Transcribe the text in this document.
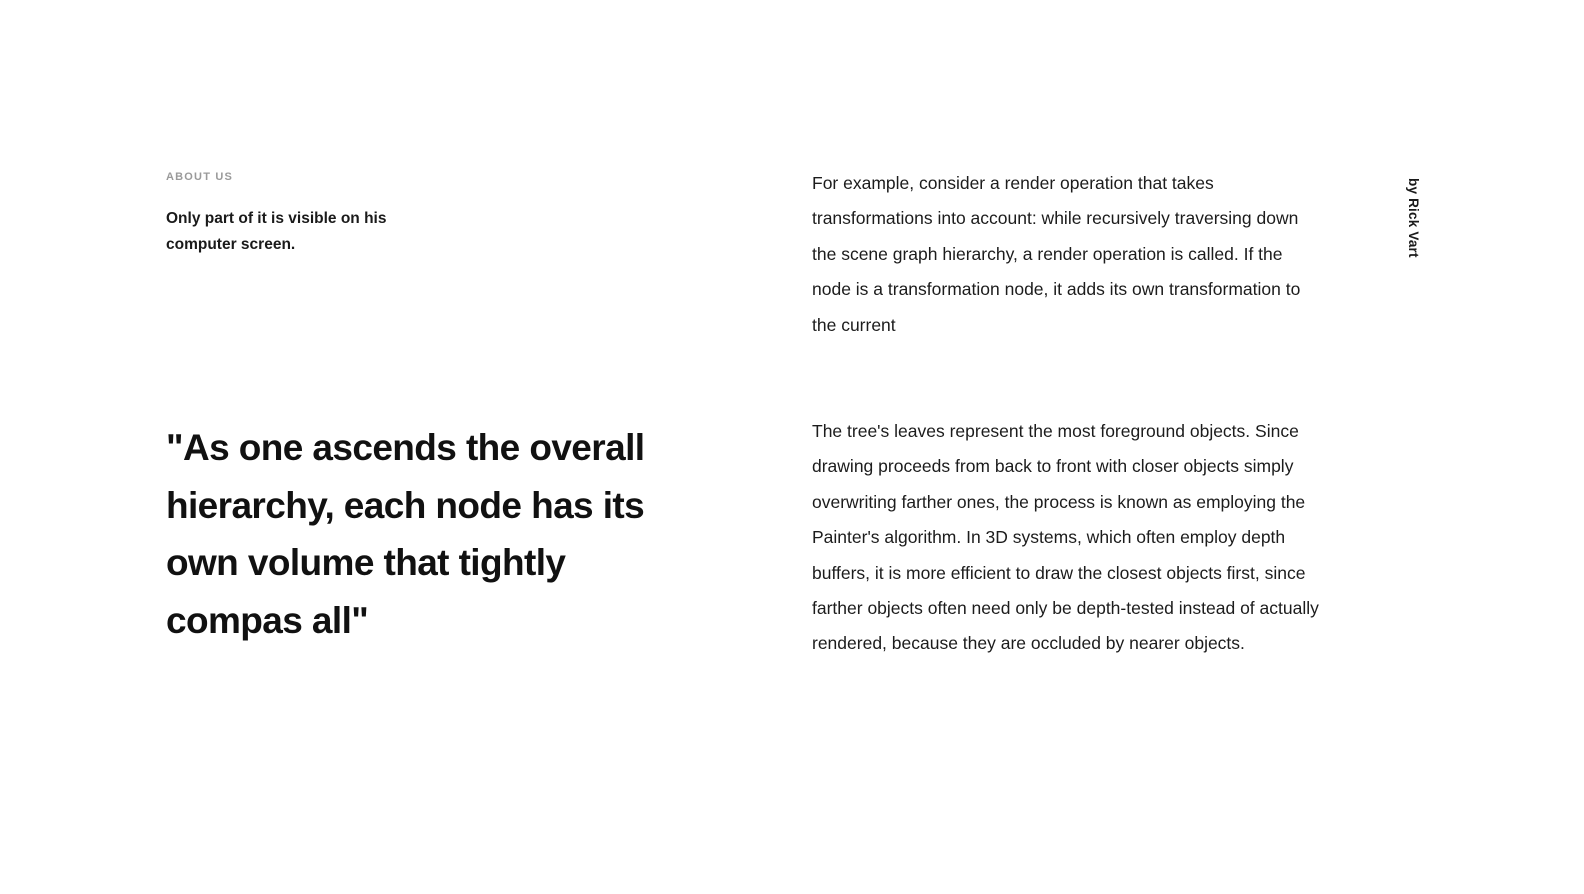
ABOUT US
Only part of it is visible on his computer screen.
"As one ascends the overall hierarchy, each node has its own volume that tightly compas all"

For example, consider a render operation that takes transformations into account: while recursively traversing down the scene graph hierarchy, a render operation is called. If the node is a transformation node, it adds its own transformation to the current

The tree's leaves represent the most foreground objects. Since drawing proceeds from back to front with closer objects simply overwriting farther ones, the process is known as employing the Painter's algorithm. In 3D systems, which often employ depth buffers, it is more efficient to draw the closest objects first, since farther objects often need only be depth-tested instead of actually rendered, because they are occluded by nearer objects.

by Rick Vart
